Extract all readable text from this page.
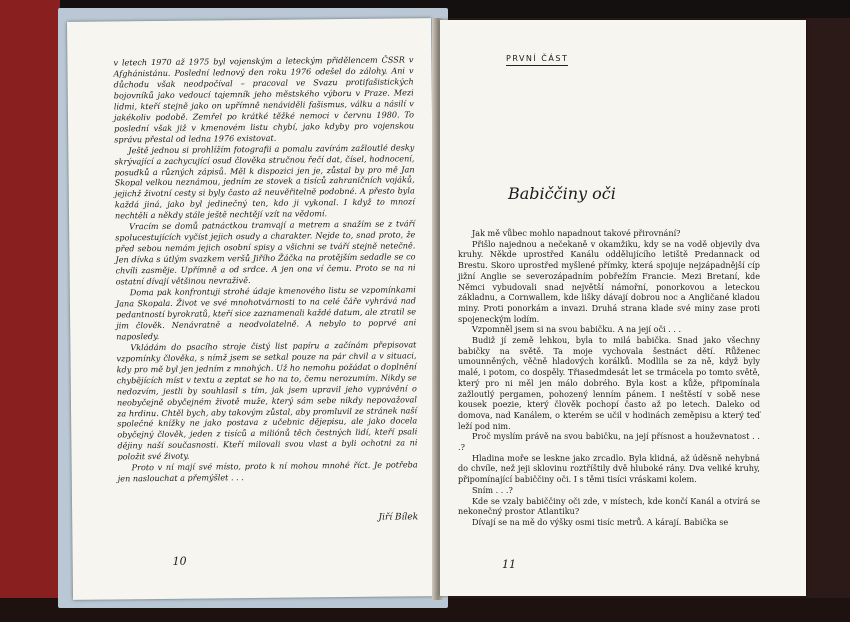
v letech 1970 až 1975 byl vojenským a leteckým přidělencem ČSSR v Afghánistánu. Poslední lednový den roku 1976 odešel do zálohy. Ani v důchodu však neodpočíval – pracoval ve Svazu protifašistických bojovníků jako vedoucí tajemník jeho městského výboru v Praze. Mezi lidmi, kteří stejně jako on upřímně nenáviděli fašismus, válku a násilí v jakékoliv podobě. Zemřel po krátké těžké nemoci v červnu 1980. To poslední však již v kmenovém listu chybí, jako kdyby pro vojenskou správu přestal od ledna 1976 existovat.

Ještě jednou si prohlížím fotografii a pomalu zavírám zažloutlé desky skrývající a zachycující osud člověka stručnou řečí dat, čísel, hodnocení, posudků a různých zápisů. Měl k dispozici jen je, zůstal by pro mě Jan Skopal velkou neznámou, jedním ze stovek a tisíců zahraničních vojáků, jejichž životní cesty si byly často až neuvěřitelně podobné. A přesto byla každá jiná, jako byl jedinečný ten, kdo ji vykonal. I když to mnozí nechtěli a někdy stále ještě nechtějí vzít na vědomí.

Vracím se domů patnáctkou tramvají a metrem a snažím se z tváří spolucestujících vyčíst jejich osudy a charakter. Nejde to, snad proto, že před sebou nemám jejich osobní spisy a všichni se tváří stejně netečně. Jen dívka s útlým svazkem veršů Jiřího Žáčka na protějším sedadle se co chvíli zasměje. Upřímně a od srdce. A jen ona ví čemu. Proto se na ni ostatní dívají většinou nevraživě.

Doma pak konfrontuji strohé údaje kmenového listu se vzpomínkami Jana Skopala. Život ve své mnohotvárnosti to na celé čáře vyhrává nad pedantností byrokratů, kteří sice zaznamenali každé datum, ale ztratil se jim člověk. Nenávratně a neodvolatelně. A nebylo to poprvé ani naposledy.

Vkládám do psacího stroje čistý list papíru a začínám přepisovat vzpomínky člověka, s nímž jsem se setkal pouze na pár chvil a v situaci, kdy pro mě byl jen jedním z mnohých. Už ho nemohu požádat o doplnění chybějících míst v textu a zeptat se ho na to, čemu nerozumím. Nikdy se nedozvím, jestli by souhlasil s tím, jak jsem upravil jeho vyprávění o neobyčejně obyčejném životě muže, který sám sebe nikdy nepovažoval za hrdinu. Chtěl bych, aby takovým zůstal, aby promluvil ze stránek naší společné knížky ne jako postava z učebnic dějepisu, ale jako docela obyčejný člověk, jeden z tisíců a miliónů těch čestných lidí, kteří psali dějiny naší současnosti. Kteří milovali svou vlast a byli ochotni za ni položit své životy.

Proto v ní mají své místo, proto k ní mohou mnohé říct. Je potřeba jen naslouchat a přemýšlet . . .

Jiří Bílek
10
PRVNÍ ČÁST
Babiččiny oči

Jak mě vůbec mohlo napadnout takové přirovnání?

Přišlo najednou a nečekaně v okamžiku, kdy se na vodě objevily dva kruhy. Někde uprostřed Kanálu oddělujícího letiště Predannack od Brestu. Skoro uprostřed myšlené přímky, která spojuje nejzápadnější cíp jižní Anglie se severozápadním pobřežím Francie. Mezi Bretaní, kde Němci vybudovali snad největší námořní, ponorkovou a leteckou základnu, a Cornwallem, kde lišky dávají dobrou noc a Angličané kladou miny. Proti ponorkám a invazi. Druhá strana klade své miny zase proti spojeneckým lodím.

Vzpomněl jsem si na svou babičku. A na její oči . . .

Budiž jí země lehkou, byla to milá babička. Snad jako všechny babičky na světě. Ta moje vychovala šestnáct dětí. Růženec umounněných, věčně hladových korálků. Modlila se za ně, když byly malé, i potom, co dospěly. Třiasedmdesát let se trmácela po tomto světě, který pro ni měl jen málo dobrého. Byla kost a kůže, připomínala zažloutlý pergamen, pohozený lenním pánem. I neštěstí v sobě nese kousek poezie, který člověk pochopí často až po letech. Daleko od domova, nad Kanálem, o kterém se učil v hodinách zeměpisu a který teď leží pod nim.

Proč myslím právě na svou babičku, na její přísnost a houževnatost . . .?

Hladina moře se leskne jako zrcadlo. Byla klidná, až úděsně nehybná do chvíle, než jeji sklovinu roztříštily dvě hluboké rány. Dva veliké kruhy, připomínající babiččiny oči. I s těmi tisíci vráskami kolem.

Sním . . .?

Kde se vzaly babiččiny oči zde, v místech, kde končí Kanál a otvírá se nekonečný prostor Atlantiku?

Dívají se na mě do výšky osmi tisíc metrů. A kárají. Babička se

11
